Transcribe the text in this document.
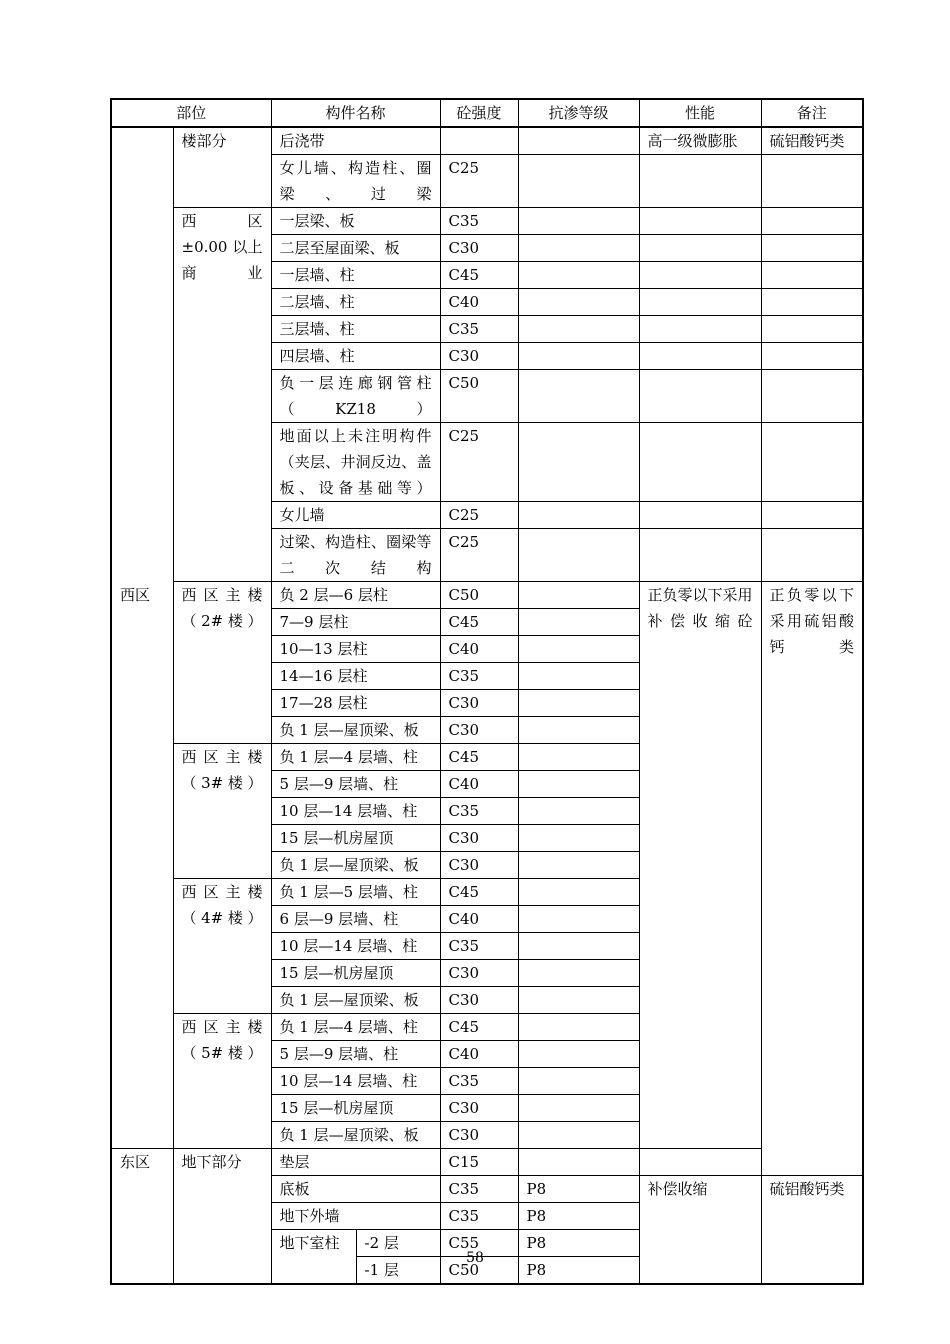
部位		构件名称		砼强度	抗渗等级	性能	备注
	楼部分	后浇带				高一级微膨胀	硫铝酸钙类
		女儿墙、构造柱、圈梁、过梁		C25			
	西 区 ±0.00 以上商业	一层梁、板		C35			
		二层至屋面梁、板		C30			
		一层墙、柱		C45			
		二层墙、柱		C40			
		三层墙、柱		C35			
		四层墙、柱		C30			
		负一层连廊钢管柱（KZ18）		C50			
		地面以上未注明构件（夹层、井洞反边、盖板、设备基础等）		C25			
		女儿墙		C25			
		过梁、构造柱、圈梁等二次结构		C25			
西区	西区主楼（2#楼）	负 2 层—6 层柱		C50		正负零以下采用补偿收缩砼	正负零以下采用硫铝酸钙类
		7—9 层柱		C45			
		10—13 层柱		C40			
		14—16 层柱		C35			
		17—28 层柱		C30			
		负 1 层—屋顶梁、板		C30			
	西区主楼（3#楼）	负 1 层—4 层墙、柱		C45			
		5 层—9 层墙、柱		C40			
		10 层—14 层墙、柱		C35			
		15 层—机房屋顶		C30			
		负 1 层—屋顶梁、板		C30			
	西区主楼（4#楼）	负 1 层—5 层墙、柱		C45			
		6 层—9 层墙、柱		C40			
		10 层—14 层墙、柱		C35			
		15 层—机房屋顶		C30			
		负 1 层—屋顶梁、板		C30			
	西区主楼（5#楼）	负 1 层—4 层墙、柱		C45			
		5 层—9 层墙、柱		C40			
		10 层—14 层墙、柱		C35			
		15 层—机房屋顶		C30			
		负 1 层—屋顶梁、板		C30			
东区	地下部分	垫层		C15			
		底板		C35	P8	补偿收缩	硫铝酸钙类
		地下外墙		C35	P8		
		地下室柱	-2 层	C55	P8		
			-1 层	C50	P8		
58
